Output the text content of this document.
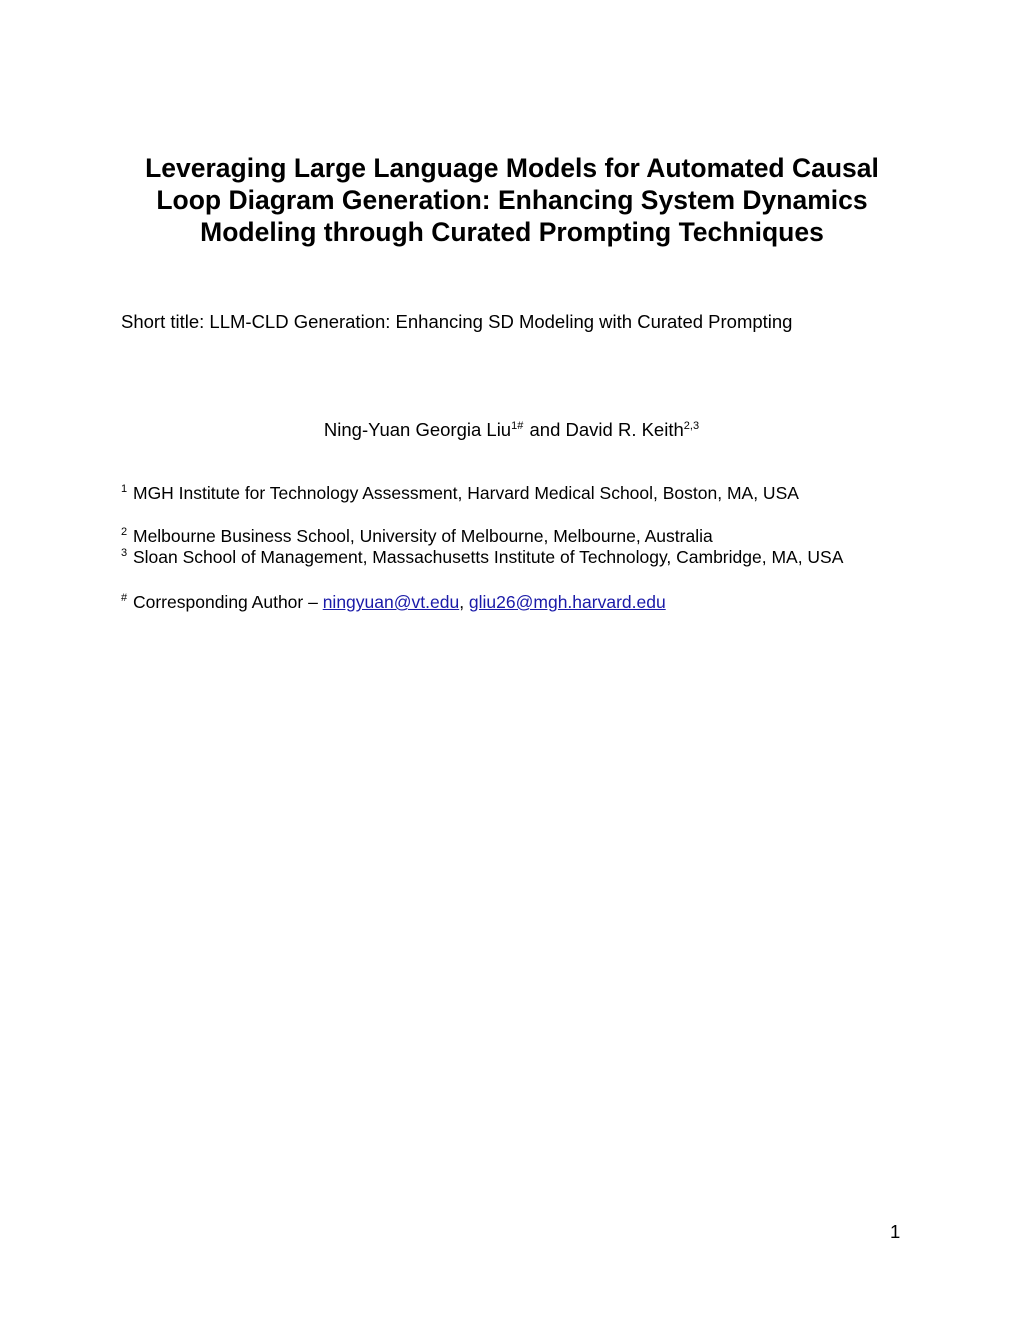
Leveraging Large Language Models for Automated Causal
Loop Diagram Generation: Enhancing System Dynamics
Modeling through Curated Prompting Techniques
Short title: LLM-CLD Generation: Enhancing SD Modeling with Curated Prompting
Ning-Yuan Georgia Liu$^{1\#}$ and David R. Keith$^{2,3}$
$^1$ MGH Institute for Technology Assessment, Harvard Medical School, Boston, MA, USA
$^2$ Melbourne Business School, University of Melbourne, Melbourne, Australia
$^3$ Sloan School of Management, Massachusetts Institute of Technology, Cambridge, MA, USA
# Corresponding Author – ningyuan@vt.edu, gliu26@mgh.harvard.edu
1
